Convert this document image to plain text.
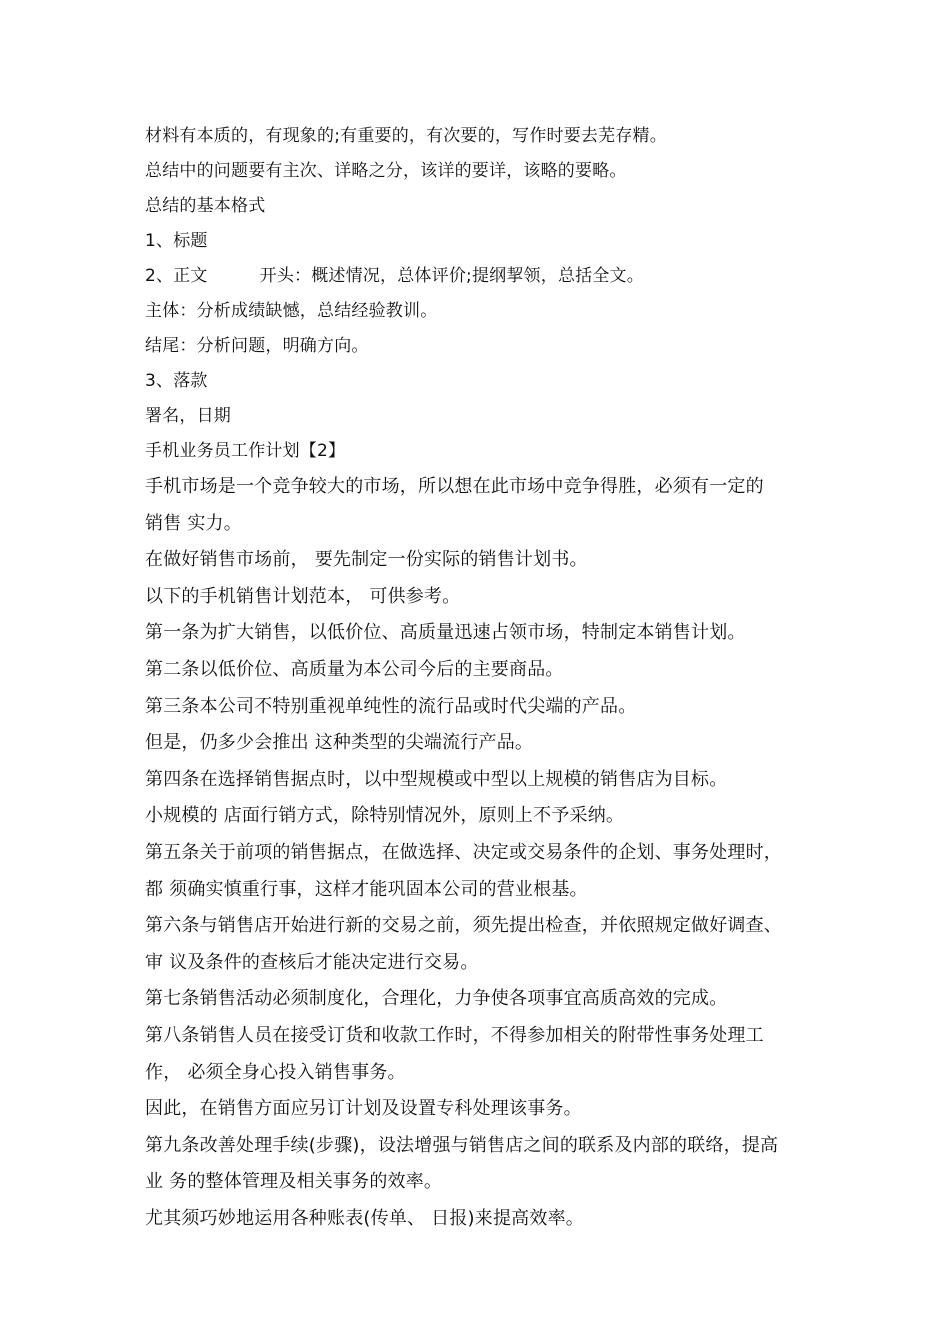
材料有本质的，有现象的;有重要的，有次要的，写作时要去芜存精。

总结中的问题要有主次、详略之分，该详的要详，该略的要略。

总结的基本格式

1、标题

2、正文	开头：概述情况，总体评价;提纲挈领，总括全文。

主体：分析成绩缺憾，总结经验教训。

结尾：分析问题，明确方向。

3、落款

署名，日期

手机业务员工作计划【2】

手机市场是一个竞争较大的市场，所以想在此市场中竞争得胜，必须有一定的

销售 实力。

在做好销售市场前， 要先制定一份实际的销售计划书。

以下的手机销售计划范本， 可供参考。

第一条为扩大销售，以低价位、高质量迅速占领市场，特制定本销售计划。

第二条以低价位、高质量为本公司今后的主要商品。

第三条本公司不特别重视单纯性的流行品或时代尖端的产品。

但是，仍多少会推出 这种类型的尖端流行产品。

第四条在选择销售据点时，以中型规模或中型以上规模的销售店为目标。

小规模的 店面行销方式，除特别情况外，原则上不予采纳。

第五条关于前项的销售据点，在做选择、决定或交易条件的企划、事务处理时，

都 须确实慎重行事，这样才能巩固本公司的营业根基。

第六条与销售店开始进行新的交易之前，须先提出检查，并依照规定做好调查、

审 议及条件的查核后才能决定进行交易。

第七条销售活动必须制度化，合理化，力争使各项事宜高质高效的完成。

第八条销售人员在接受订货和收款工作时，不得参加相关的附带性事务处理工

作， 必须全身心投入销售事务。

因此，在销售方面应另订计划及设置专科处理该事务。

第九条改善处理手续(步骤)，设法增强与销售店之间的联系及内部的联络，提高

业 务的整体管理及相关事务的效率。

尤其须巧妙地运用各种账表(传单、 日报)来提高效率。
